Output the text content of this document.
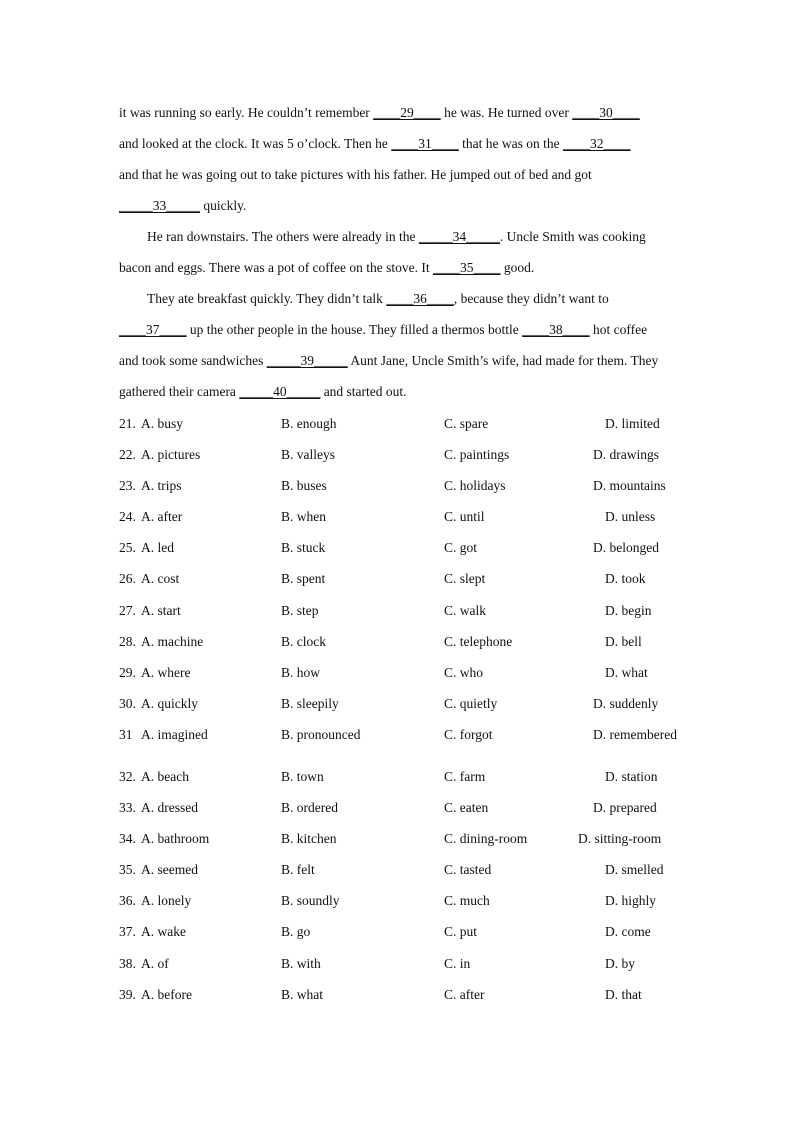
it was running so early. He couldn’t remember ____29____ he was. He turned over ____30____
and looked at the clock. It was 5 o’clock. Then he ____31____ that he was on the ____32____
and that he was going out to take pictures with his father. He jumped out of bed and got
_____33_____ quickly.
He ran downstairs. The others were already in the _____34_____. Uncle Smith was cooking
bacon and eggs. There was a pot of coffee on the stove. It ____35____ good.
They ate breakfast quickly. They didn’t talk ____36____, because they didn’t want to
____37____ up the other people in the house. They filled a thermos bottle ____38____ hot coffee
and took some sandwiches _____39_____ Aunt Jane, Uncle Smith’s wife, had made for them. They
gathered their camera _____40_____ and started out.
21. A. busy	B. enough	C. spare	D. limited
22. A. pictures	B. valleys	C. paintings	D. drawings
23. A. trips	B. buses	C. holidays	D. mountains
24. A. after	B. when	C. until	D. unless
25. A. led	B. stuck	C. got	D. belonged
26. A. cost	B. spent	C. slept	D. took
27. A. start	B. step	C. walk	D. begin
28. A. machine	B. clock	C. telephone	D. bell
29. A. where	B. how	C. who	D. what
30. A. quickly	B. sleepily	C. quietly	D. suddenly
31 A. imagined	B. pronounced	C. forgot	D. remembered
32. A. beach	B. town	C. farm	D. station
33. A. dressed	B. ordered	C. eaten	D. prepared
34. A. bathroom	B. kitchen	C. dining-room	D. sitting-room
35. A. seemed	B. felt	C. tasted	D. smelled
36. A. lonely	B. soundly	C. much	D. highly
37. A. wake	B. go	C. put	D. come
38. A. of	B. with	C. in	D. by
39. A. before	B. what	C. after	D. that
